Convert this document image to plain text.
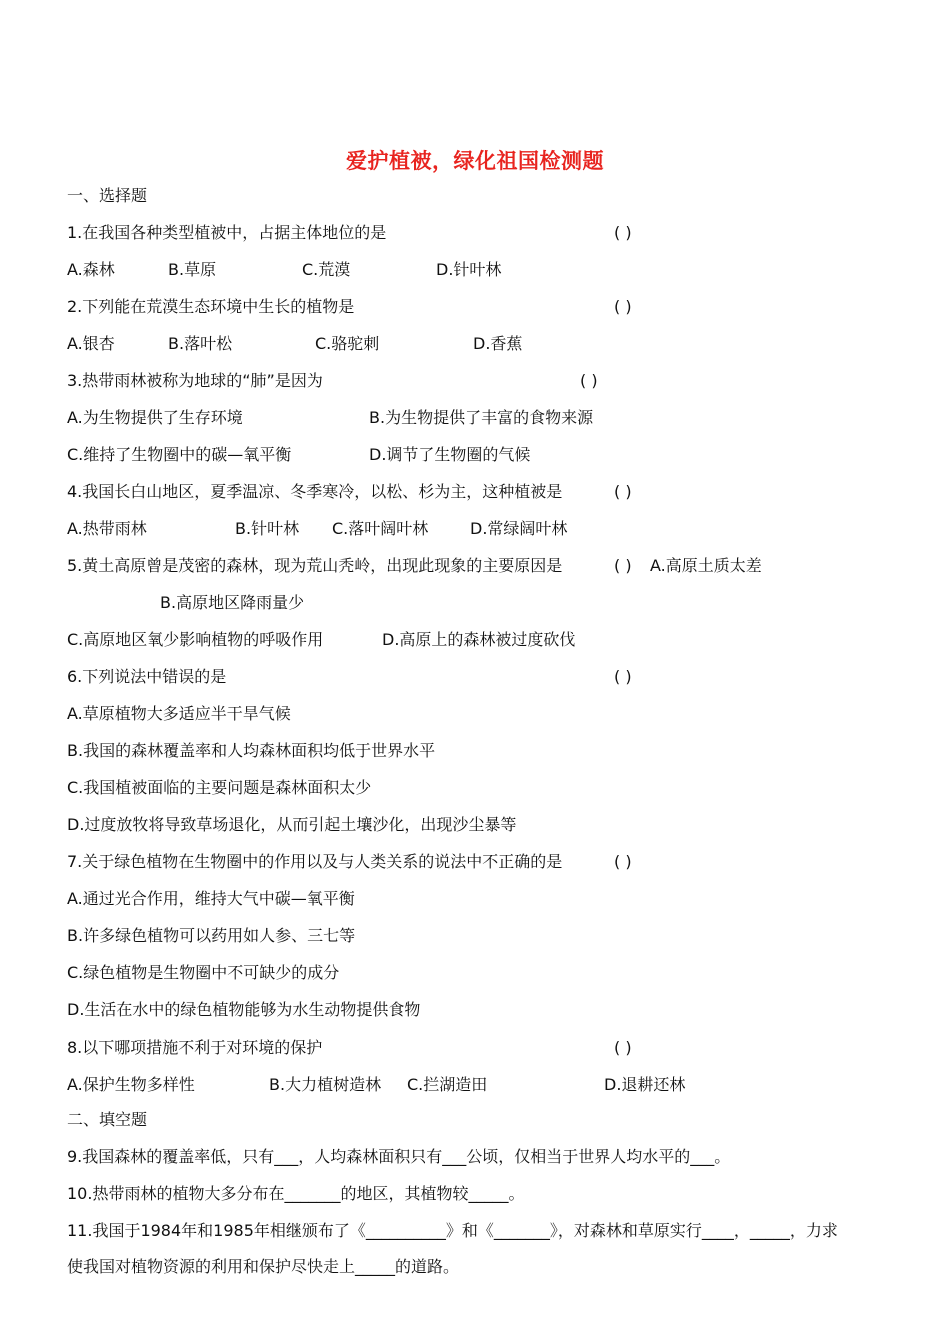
爱护植被，绿化祖国检测题
一、选择题
1.在我国各种类型植被中，占据主体地位的是	( )
A.森林	B.草原	C.荒漠	D.针叶林
2.下列能在荒漠生态环境中生长的植物是	( )
A.银杏	B.落叶松	C.骆驼刺	D.香蕉
3.热带雨林被称为地球的“肺”是因为	( )
A.为生物提供了生存环境	B.为生物提供了丰富的食物来源
C.维持了生物圈中的碳—氧平衡	D.调节了生物圈的气候
4.我国长白山地区，夏季温凉、冬季寒冷，以松、杉为主，这种植被是	( )
A.热带雨林	B.针叶林 C.落叶阔叶林	D.常绿阔叶林
5.黄土高原曾是茂密的森林，现为荒山秃岭，出现此现象的主要原因是	( ) A.高原土质太差
B.高原地区降雨量少
C.高原地区氧少影响植物的呼吸作用	D.高原上的森林被过度砍伐
6.下列说法中错误的是	( )
A.草原植物大多适应半干旱气候
B.我国的森林覆盖率和人均森林面积均低于世界水平
C.我国植被面临的主要问题是森林面积太少
D.过度放牧将导致草场退化，从而引起土壤沙化，出现沙尘暴等
7.关于绿色植物在生物圈中的作用以及与人类关系的说法中不正确的是	( )
A.通过光合作用，维持大气中碳—氧平衡
B.许多绿色植物可以药用如人参、三七等
C.绿色植物是生物圈中不可缺少的成分
D.生活在水中的绿色植物能够为水生动物提供食物
8.以下哪项措施不利于对环境的保护	( )
A.保护生物多样性	B.大力植树造林 C.拦湖造田	D.退耕还林
二、填空题
9.我国森林的覆盖率低，只有___，人均森林面积只有___公顷，仅相当于世界人均水平的___。
10.热带雨林的植物大多分布在_______的地区，其植物较_____。
11.我国于1984年和1985年相继颁布了《__________》和《_______》，对森林和草原实行____，_____，力求
使我国对植物资源的利用和保护尽快走上_____的道路。
